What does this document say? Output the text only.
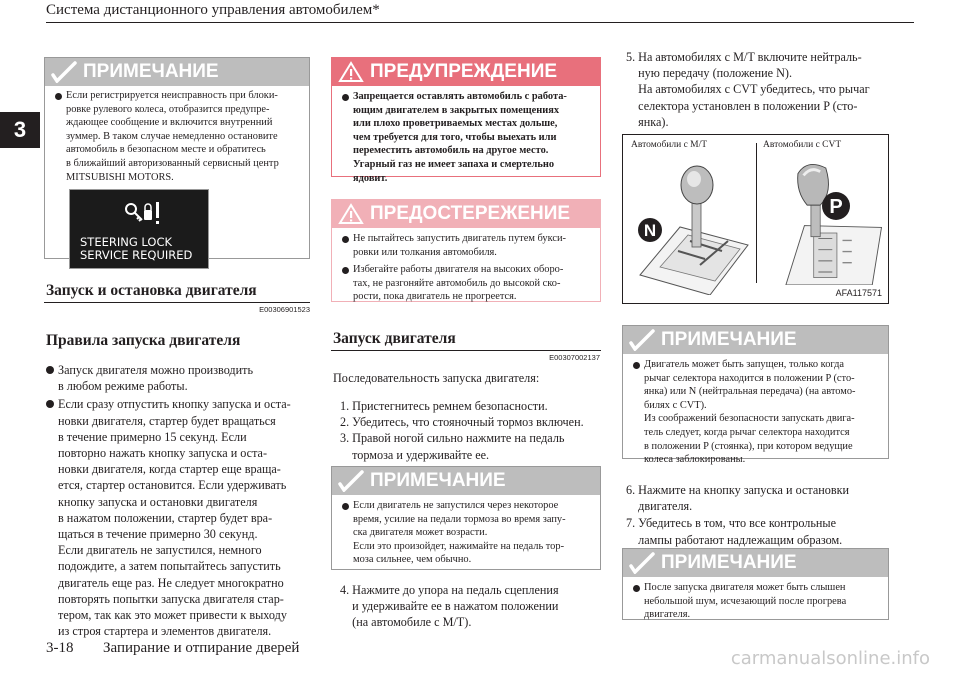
Система дистанционного управления автомобилем*
3
ПРИМЕЧАНИЕ
Если регистрируется неисправность при блоки-
ровке рулевого колеса, отобразится предупре-
ждающее сообщение и включится внутренний
зуммер. В таком случае немедленно остановите
автомобиль в безопасном месте и обратитесь
в ближайший авторизованный сервисный центр
MITSUBISHI MOTORS.
STEERING LOCK
SERVICE REQUIRED
Запуск и остановка двигателя
E00306901523
Правила запуска двигателя
Запуск двигателя можно производить
в любом режиме работы.
Если сразу отпустить кнопку запуска и оста-
новки двигателя, стартер будет вращаться
в течение примерно 15 секунд. Если
повторно нажать кнопку запуска и оста-
новки двигателя, когда стартер еще враща-
ется, стартер остановится. Если удерживать
кнопку запуска и остановки двигателя
в нажатом положении, стартер будет вра-
щаться в течение примерно 30 секунд.
Если двигатель не запустился, немного
подождите, а затем попытайтесь запустить
двигатель еще раз. Не следует многократно
повторять попытки запуска двигателя стар-
тером, так как это может привести к выходу
из строя стартера и элементов двигателя.
ПРЕДУПРЕЖДЕНИЕ
Запрещается оставлять автомобиль с работа-
ющим двигателем в закрытых помещениях
или плохо проветриваемых местах дольше,
чем требуется для того, чтобы выехать или
переместить автомобиль на другое место.
Угарный газ не имеет запаха и смертельно
ядовит.
ПРЕДОСТЕРЕЖЕНИЕ
Не пытайтесь запустить двигатель путем букси-
ровки или толкания автомобиля.
Избегайте работы двигателя на высоких оборо-
тах, не разгоняйте автомобиль до высокой ско-
рости, пока двигатель не прогреется.
Запуск двигателя
E00307002137
Последовательность запуска двигателя:
1. Пристегнитесь ремнем безопасности.
2. Убедитесь, что стояночный тормоз включен.
3. Правой ногой сильно нажмите на педаль
тормоза и удерживайте ее.
ПРИМЕЧАНИЕ
Если двигатель не запустился через некоторое
время, усилие на педали тормоза во время запу-
ска двигателя может возрасти.
Если это произойдет, нажимайте на педаль тор-
моза сильнее, чем обычно.
4. Нажмите до упора на педаль сцепления
и удерживайте ее в нажатом положении
(на автомобиле с M/T).
5. На автомобилях с M/T включите нейтраль-
ную передачу (положение N).
На автомобилях с CVT убедитесь, что рычаг
селектора установлен в положении P (сто-
янка).
Автомобили с M/T	Автомобили с CVT
N
P
AFA117571
ПРИМЕЧАНИЕ
Двигатель может быть запущен, только когда
рычаг селектора находится в положении P (сто-
янка) или N (нейтральная передача) (на автомо-
билях с CVT).
Из соображений безопасности запускать двига-
тель следует, когда рычаг селектора находится
в положении P (стоянка), при котором ведущие
колеса заблокированы.
6. Нажмите на кнопку запуска и остановки
двигателя.
7. Убедитесь в том, что все контрольные
лампы работают надлежащим образом.
ПРИМЕЧАНИЕ
После запуска двигателя может быть слышен
небольшой шум, исчезающий после прогрева
двигателя.
3-18 Запирание и отпирание дверей	carmanualsonline.info
